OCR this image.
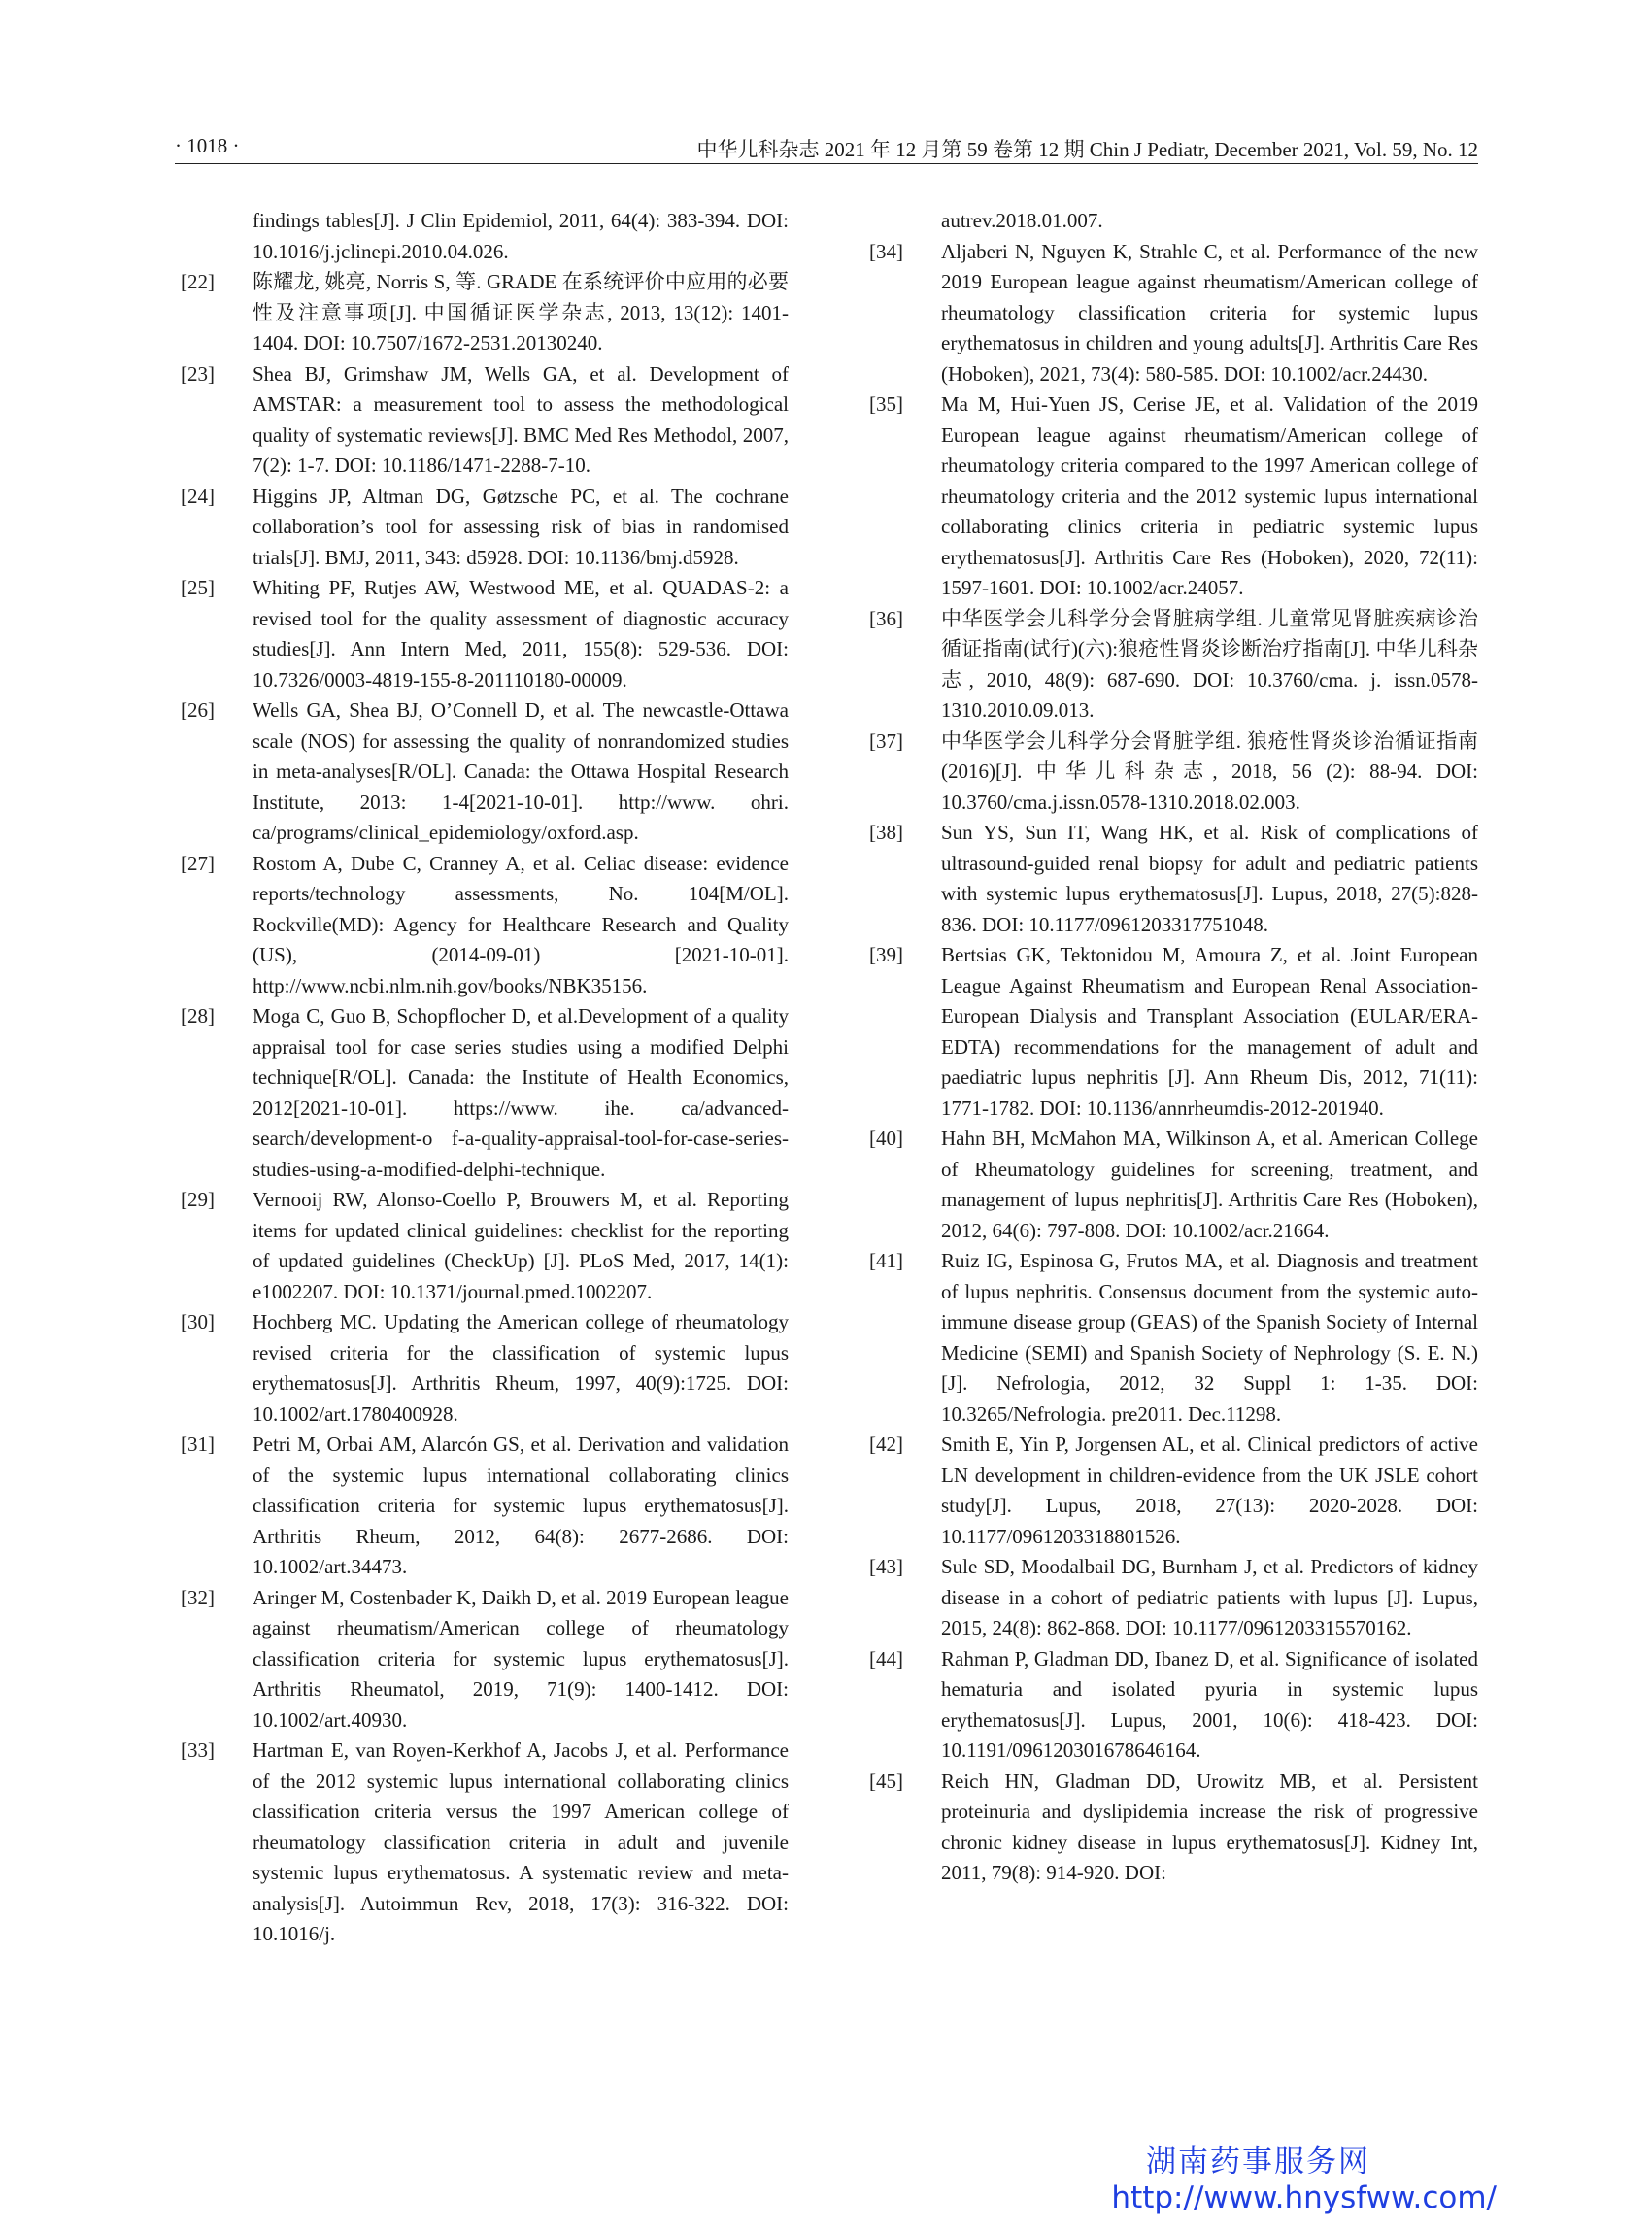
· 1018 ·	中华儿科杂志 2021 年 12 月第 59 卷第 12 期 Chin J Pediatr, December 2021, Vol. 59, No. 12
findings tables[J]. J Clin Epidemiol, 2011, 64(4): 383-394. DOI: 10.1016/j.jclinepi.2010.04.026.
[22]	陈耀龙, 姚亮, Norris S, 等. GRADE 在系统评价中应用的必要性及注意事项[J]. 中国循证医学杂志, 2013, 13(12): 1401-1404. DOI: 10.7507/1672-2531.20130240.
[23]	Shea BJ, Grimshaw JM, Wells GA, et al. Development of AMSTAR: a measurement tool to assess the methodological quality of systematic reviews[J]. BMC Med Res Methodol, 2007, 7(2): 1-7. DOI: 10.1186/1471-2288-7-10.
[24]	Higgins JP, Altman DG, Gøtzsche PC, et al. The cochrane collaboration’s tool for assessing risk of bias in randomised trials[J]. BMJ, 2011, 343: d5928. DOI: 10.1136/bmj.d5928.
[25]	Whiting PF, Rutjes AW, Westwood ME, et al. QUADAS-2: a revised tool for the quality assessment of diagnostic accuracy studies[J]. Ann Intern Med, 2011, 155(8): 529-536. DOI: 10.7326/0003-4819-155-8-201110180-00009.
[26]	Wells GA, Shea BJ, O’Connell D, et al. The newcastle-Ottawa scale (NOS) for assessing the quality of nonrandomized studies in meta-analyses[R/OL]. Canada: the Ottawa Hospital Research Institute, 2013: 1-4[2021-10-01]. http://www. ohri. ca/programs/clinical_epidemiology/oxford.asp.
[27]	Rostom A, Dube C, Cranney A, et al. Celiac disease: evidence reports/technology assessments, No. 104[M/OL]. Rockville(MD): Agency for Healthcare Research and Quality (US), (2014-09-01) [2021-10-01]. http://www.ncbi.nlm.nih.gov/books/NBK35156.
[28]	Moga C, Guo B, Schopflocher D, et al.Development of a quality appraisal tool for case series studies using a modified Delphi technique[R/OL]. Canada: the Institute of Health Economics, 2012[2021-10-01]. https://www. ihe. ca/advanced-search/development-o f-a-quality-appraisal-tool-for-case-series-studies-using-a-modified-delphi-technique.
[29]	Vernooij RW, Alonso-Coello P, Brouwers M, et al. Reporting items for updated clinical guidelines: checklist for the reporting of updated guidelines (CheckUp) [J]. PLoS Med, 2017, 14(1): e1002207. DOI: 10.1371/journal.pmed.1002207.
[30]	Hochberg MC. Updating the American college of rheumatology revised criteria for the classification of systemic lupus erythematosus[J]. Arthritis Rheum, 1997, 40(9):1725. DOI: 10.1002/art.1780400928.
[31]	Petri M, Orbai AM, Alarcón GS, et al. Derivation and validation of the systemic lupus international collaborating clinics classification criteria for systemic lupus erythematosus[J]. Arthritis Rheum, 2012, 64(8): 2677-2686. DOI: 10.1002/art.34473.
[32]	Aringer M, Costenbader K, Daikh D, et al. 2019 European league against rheumatism/American college of rheumatology classification criteria for systemic lupus erythematosus[J]. Arthritis Rheumatol, 2019, 71(9): 1400-1412. DOI: 10.1002/art.40930.
[33]	Hartman E, van Royen-Kerkhof A, Jacobs J, et al. Performance of the 2012 systemic lupus international collaborating clinics classification criteria versus the 1997 American college of rheumatology classification criteria in adult and juvenile systemic lupus erythematosus. A systematic review and meta-analysis[J]. Autoimmun Rev, 2018, 17(3): 316-322. DOI: 10.1016/j.
autrev.2018.01.007.
[34]	Aljaberi N, Nguyen K, Strahle C, et al. Performance of the new 2019 European league against rheumatism/American college of rheumatology classification criteria for systemic lupus erythematosus in children and young adults[J]. Arthritis Care Res (Hoboken), 2021, 73(4): 580-585. DOI: 10.1002/acr.24430.
[35]	Ma M, Hui-Yuen JS, Cerise JE, et al. Validation of the 2019 European league against rheumatism/American college of rheumatology criteria compared to the 1997 American college of rheumatology criteria and the 2012 systemic lupus international collaborating clinics criteria in pediatric systemic lupus erythematosus[J]. Arthritis Care Res (Hoboken), 2020, 72(11): 1597-1601. DOI: 10.1002/acr.24057.
[36]	中华医学会儿科学分会肾脏病学组. 儿童常见肾脏疾病诊治循证指南(试行)(六):狼疮性肾炎诊断治疗指南[J]. 中华儿科杂志, 2010, 48(9): 687-690. DOI: 10.3760/cma. j. issn.0578-1310.2010.09.013.
[37]	中华医学会儿科学分会肾脏学组. 狼疮性肾炎诊治循证指南(2016)[J]. 中华儿科杂志, 2018, 56 (2): 88-94. DOI: 10.3760/cma.j.issn.0578-1310.2018.02.003.
[38]	Sun YS, Sun IT, Wang HK, et al. Risk of complications of ultrasound-guided renal biopsy for adult and pediatric patients with systemic lupus erythematosus[J]. Lupus, 2018, 27(5):828-836. DOI: 10.1177/0961203317751048.
[39]	Bertsias GK, Tektonidou M, Amoura Z, et al. Joint European League Against Rheumatism and European Renal Association-European Dialysis and Transplant Association (EULAR/ERA-EDTA) recommendations for the management of adult and paediatric lupus nephritis [J]. Ann Rheum Dis, 2012, 71(11): 1771-1782. DOI: 10.1136/annrheumdis-2012-201940.
[40]	Hahn BH, McMahon MA, Wilkinson A, et al. American College of Rheumatology guidelines for screening, treatment, and management of lupus nephritis[J]. Arthritis Care Res (Hoboken), 2012, 64(6): 797-808. DOI: 10.1002/acr.21664.
[41]	Ruiz IG, Espinosa G, Frutos MA, et al. Diagnosis and treatment of lupus nephritis. Consensus document from the systemic auto-immune disease group (GEAS) of the Spanish Society of Internal Medicine (SEMI) and Spanish Society of Nephrology (S. E. N.) [J]. Nefrologia, 2012, 32 Suppl 1: 1-35. DOI: 10.3265/Nefrologia. pre2011. Dec.11298.
[42]	Smith E, Yin P, Jorgensen AL, et al. Clinical predictors of active LN development in children-evidence from the UK JSLE cohort study[J]. Lupus, 2018, 27(13): 2020-2028. DOI: 10.1177/0961203318801526.
[43]	Sule SD, Moodalbail DG, Burnham J, et al. Predictors of kidney disease in a cohort of pediatric patients with lupus [J]. Lupus, 2015, 24(8): 862-868. DOI: 10.1177/0961203315570162.
[44]	Rahman P, Gladman DD, Ibanez D, et al. Significance of isolated hematuria and isolated pyuria in systemic lupus erythematosus[J]. Lupus, 2001, 10(6): 418-423. DOI: 10.1191/096120301678646164.
[45]	Reich HN, Gladman DD, Urowitz MB, et al. Persistent proteinuria and dyslipidemia increase the risk of progressive chronic kidney disease in lupus erythematosus[J]. Kidney Int, 2011, 79(8): 914-920. DOI:
湖南药事服务网
http://www.hnysfww.com/
